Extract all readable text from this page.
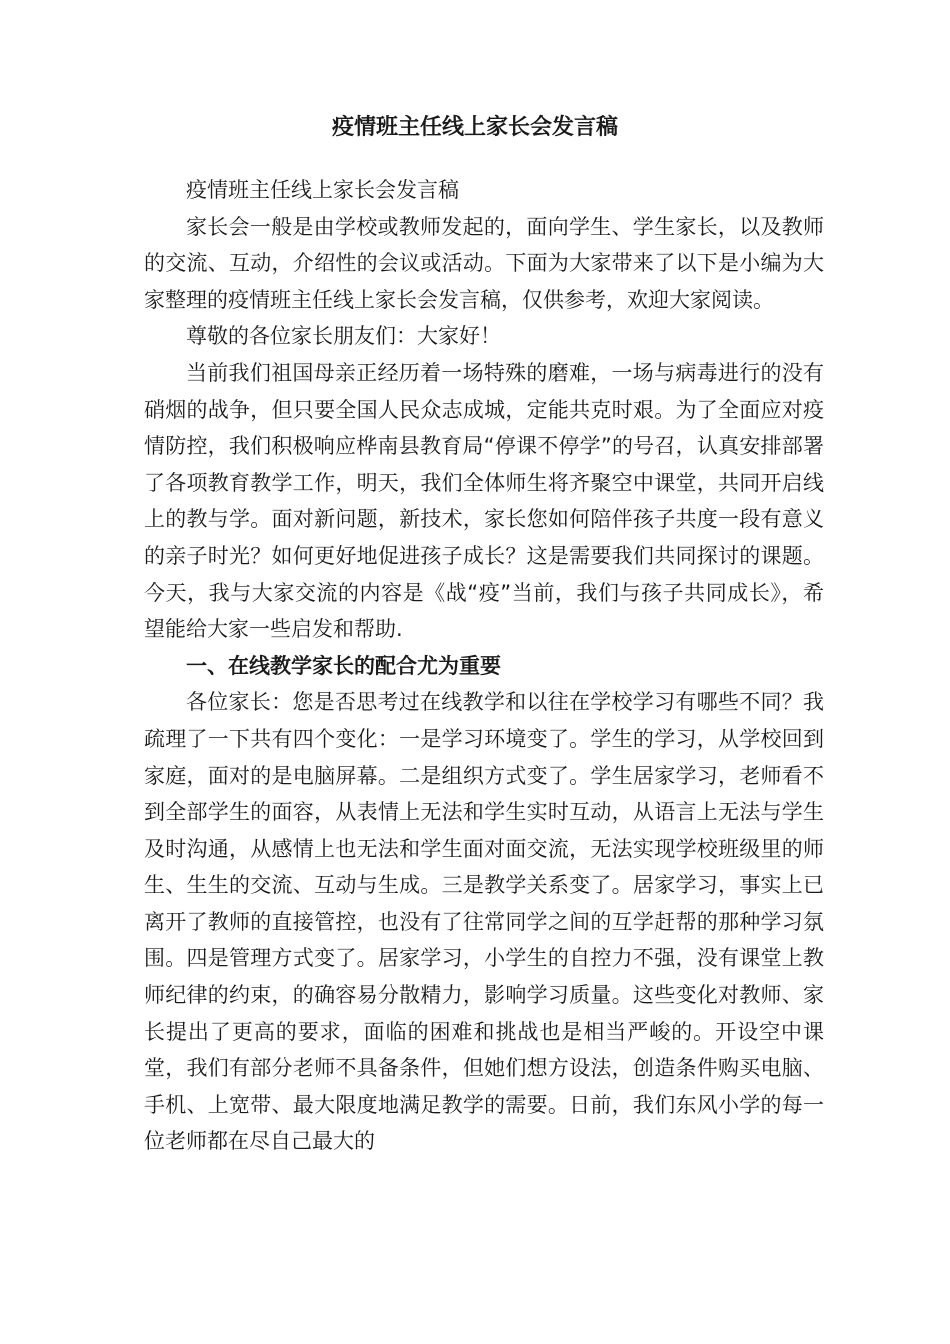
疫情班主任线上家长会发言稿

疫情班主任线上家长会发言稿

家长会一般是由学校或教师发起的，面向学生、学生家长，以及教师的交流、互动，介绍性的会议或活动。下面为大家带来了以下是小编为大家整理的疫情班主任线上家长会发言稿，仅供参考，欢迎大家阅读。

尊敬的各位家长朋友们：大家好！

当前我们祖国母亲正经历着一场特殊的磨难，一场与病毒进行的没有硝烟的战争，但只要全国人民众志成城，定能共克时艰。为了全面应对疫情防控，我们积极响应桦南县教育局“停课不停学”的号召，认真安排部署了各项教育教学工作，明天，我们全体师生将齐聚空中课堂，共同开启线上的教与学。面对新问题，新技术，家长您如何陪伴孩子共度一段有意义的亲子时光？如何更好地促进孩子成长？这是需要我们共同探讨的课题。今天，我与大家交流的内容是《战“疫”当前，我们与孩子共同成长》，希望能给大家一些启发和帮助.

一、在线教学家长的配合尤为重要

各位家长：您是否思考过在线教学和以往在学校学习有哪些不同？我疏理了一下共有四个变化：一是学习环境变了。学生的学习，从学校回到家庭，面对的是电脑屏幕。二是组织方式变了。学生居家学习，老师看不到全部学生的面容，从表情上无法和学生实时互动，从语言上无法与学生及时沟通，从感情上也无法和学生面对面交流，无法实现学校班级里的师生、生生的交流、互动与生成。三是教学关系变了。居家学习，事实上已离开了教师的直接管控，也没有了往常同学之间的互学赶帮的那种学习氛围。四是管理方式变了。居家学习，小学生的自控力不强，没有课堂上教师纪律的约束，的确容易分散精力，影响学习质量。这些变化对教师、家长提出了更高的要求，面临的困难和挑战也是相当严峻的。开设空中课堂，我们有部分老师不具备条件，但她们想方设法，创造条件购买电脑、手机、上宽带、最大限度地满足教学的需要。日前，我们东风小学的每一位老师都在尽自己最大的
